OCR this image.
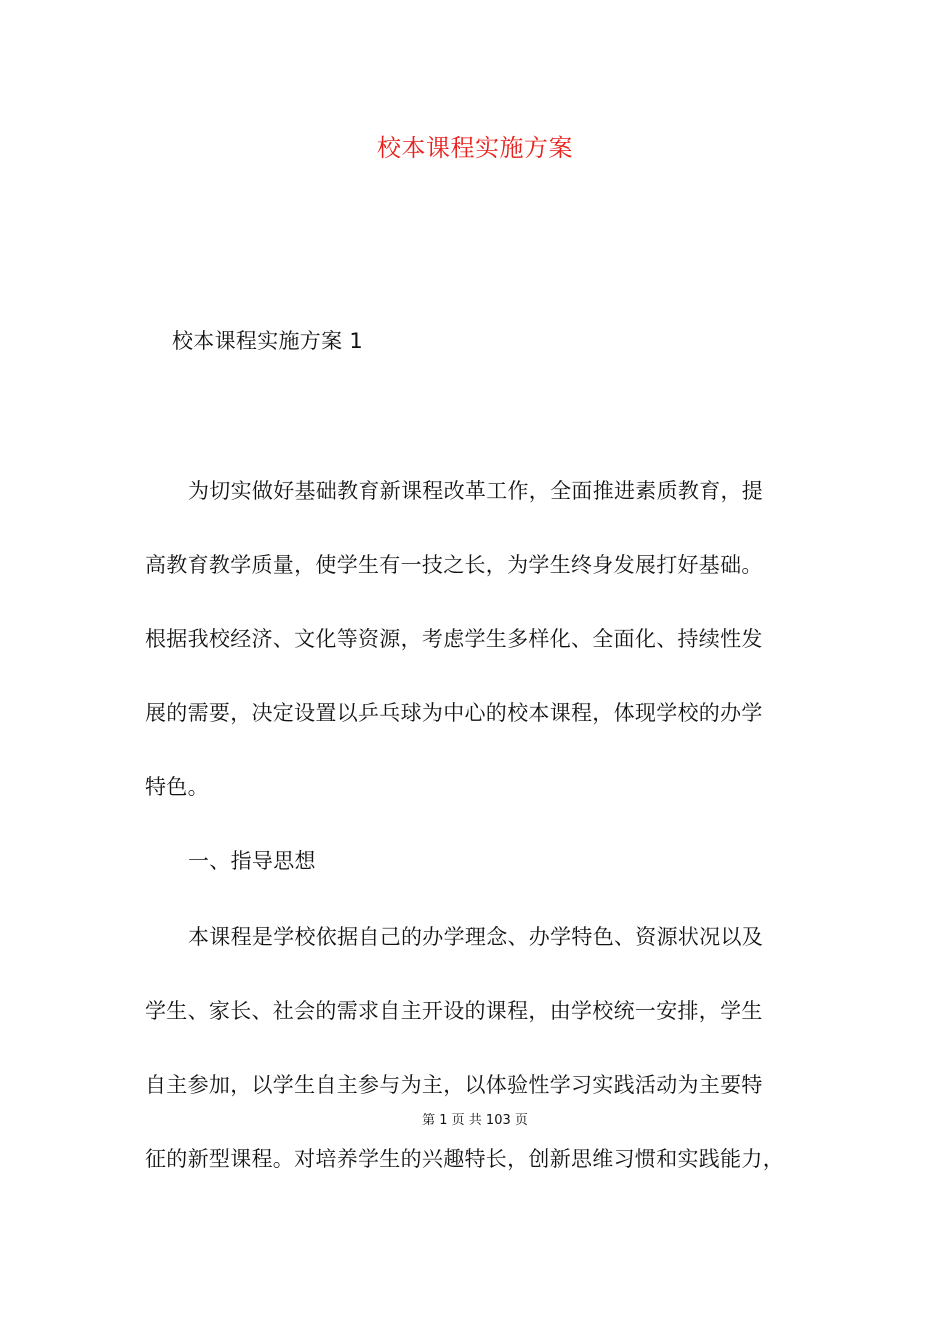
校本课程实施方案
校本课程实施方案 1
为切实做好基础教育新课程改革工作，全面推进素质教育，提
高教育教学质量，使学生有一技之长，为学生终身发展打好基础。
根据我校经济、文化等资源，考虑学生多样化、全面化、持续性发
展的需要，决定设置以乒乓球为中心的校本课程，体现学校的办学
特色。
一、指导思想
本课程是学校依据自己的办学理念、办学特色、资源状况以及
学生、家长、社会的需求自主开设的课程，由学校统一安排，学生
自主参加，以学生自主参与为主，以体验性学习实践活动为主要特
第 1 页 共 103 页
征的新型课程。对培养学生的兴趣特长，创新思维习惯和实践能力，
